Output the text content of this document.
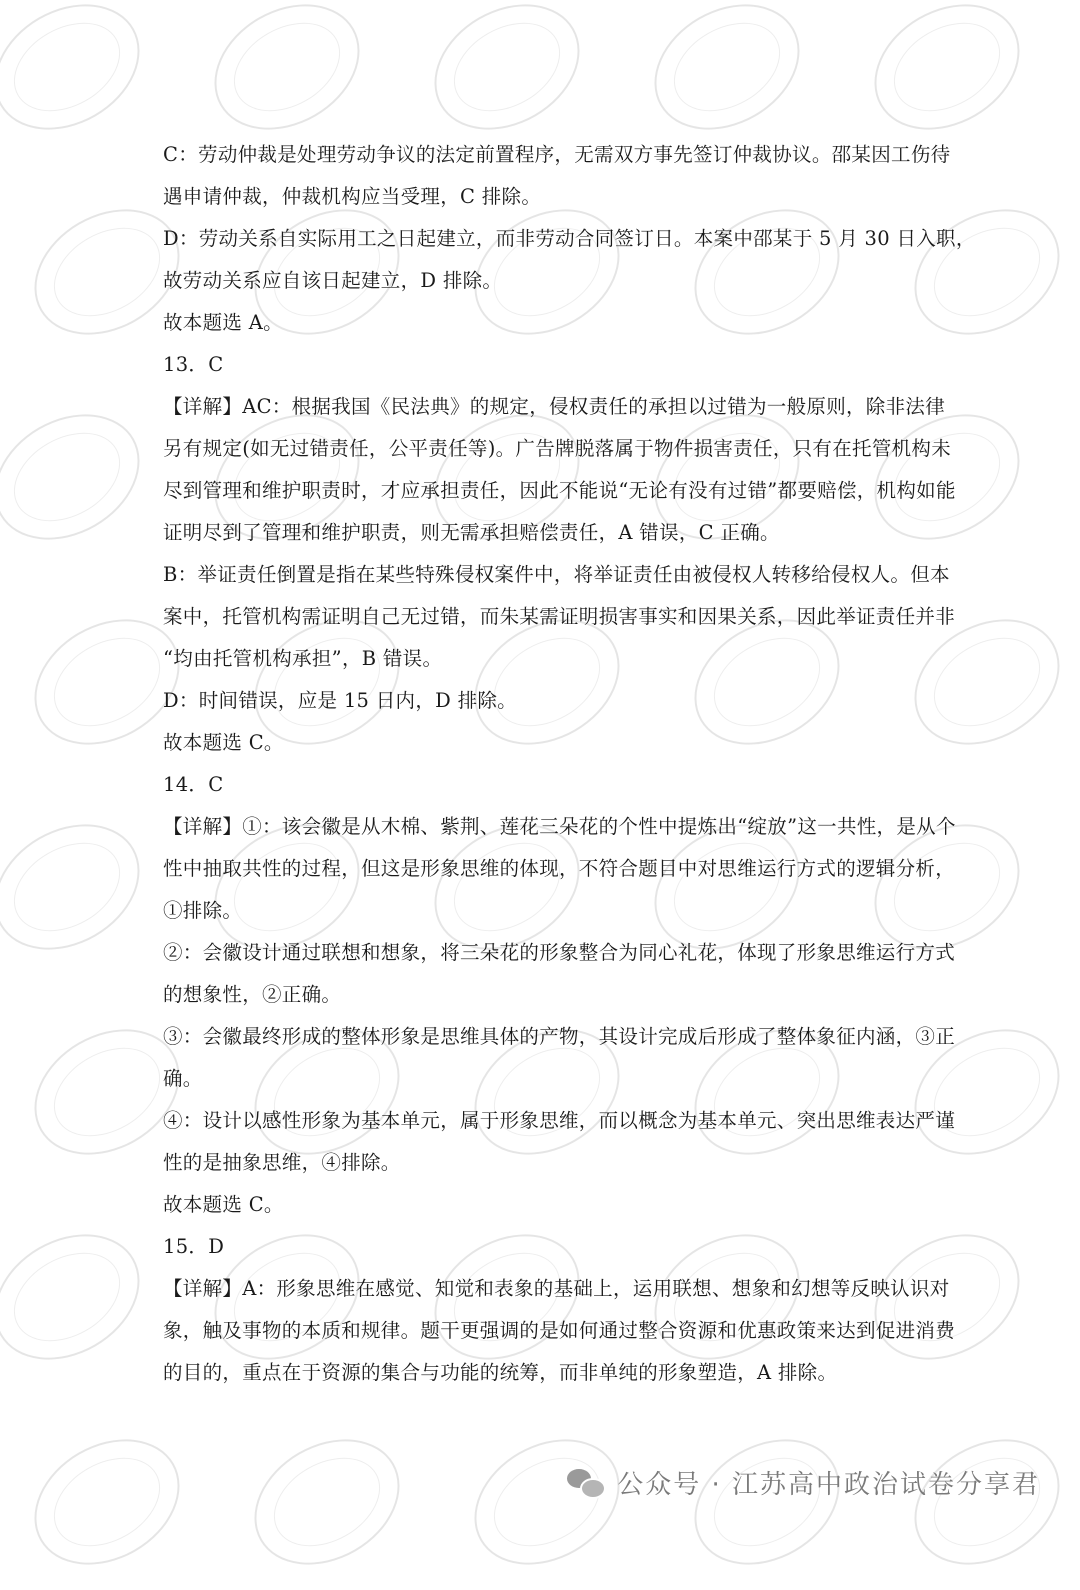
C：劳动仲裁是处理劳动争议的法定前置程序，无需双方事先签订仲裁协议。邵某因工伤待
遇申请仲裁，仲裁机构应当受理，C 排除。
D：劳动关系自实际用工之日起建立，而非劳动合同签订日。本案中邵某于 5 月 30 日入职，
故劳动关系应自该日起建立，D 排除。
故本题选 A。
13．C
【详解】AC：根据我国《民法典》的规定，侵权责任的承担以过错为一般原则，除非法律
另有规定(如无过错责任，公平责任等)。广告牌脱落属于物件损害责任，只有在托管机构未
尽到管理和维护职责时，才应承担责任，因此不能说“无论有没有过错”都要赔偿，机构如能
证明尽到了管理和维护职责，则无需承担赔偿责任，A 错误，C 正确。
B：举证责任倒置是指在某些特殊侵权案件中，将举证责任由被侵权人转移给侵权人。但本
案中，托管机构需证明自己无过错，而朱某需证明损害事实和因果关系，因此举证责任并非
“均由托管机构承担”，B 错误。
D：时间错误，应是 15 日内，D 排除。
故本题选 C。
14．C
【详解】①：该会徽是从木棉、紫荆、莲花三朵花的个性中提炼出“绽放”这一共性，是从个
性中抽取共性的过程，但这是形象思维的体现，不符合题目中对思维运行方式的逻辑分析，
①排除。
②：会徽设计通过联想和想象，将三朵花的形象整合为同心礼花，体现了形象思维运行方式
的想象性，②正确。
③：会徽最终形成的整体形象是思维具体的产物，其设计完成后形成了整体象征内涵，③正
确。
④：设计以感性形象为基本单元，属于形象思维，而以概念为基本单元、突出思维表达严谨
性的是抽象思维，④排除。
故本题选 C。
15．D
【详解】A：形象思维在感觉、知觉和表象的基础上，运用联想、想象和幻想等反映认识对
象，触及事物的本质和规律。题干更强调的是如何通过整合资源和优惠政策来达到促进消费
的目的，重点在于资源的集合与功能的统筹，而非单纯的形象塑造，A 排除。
公众号 · 江苏高中政治试卷分享君
